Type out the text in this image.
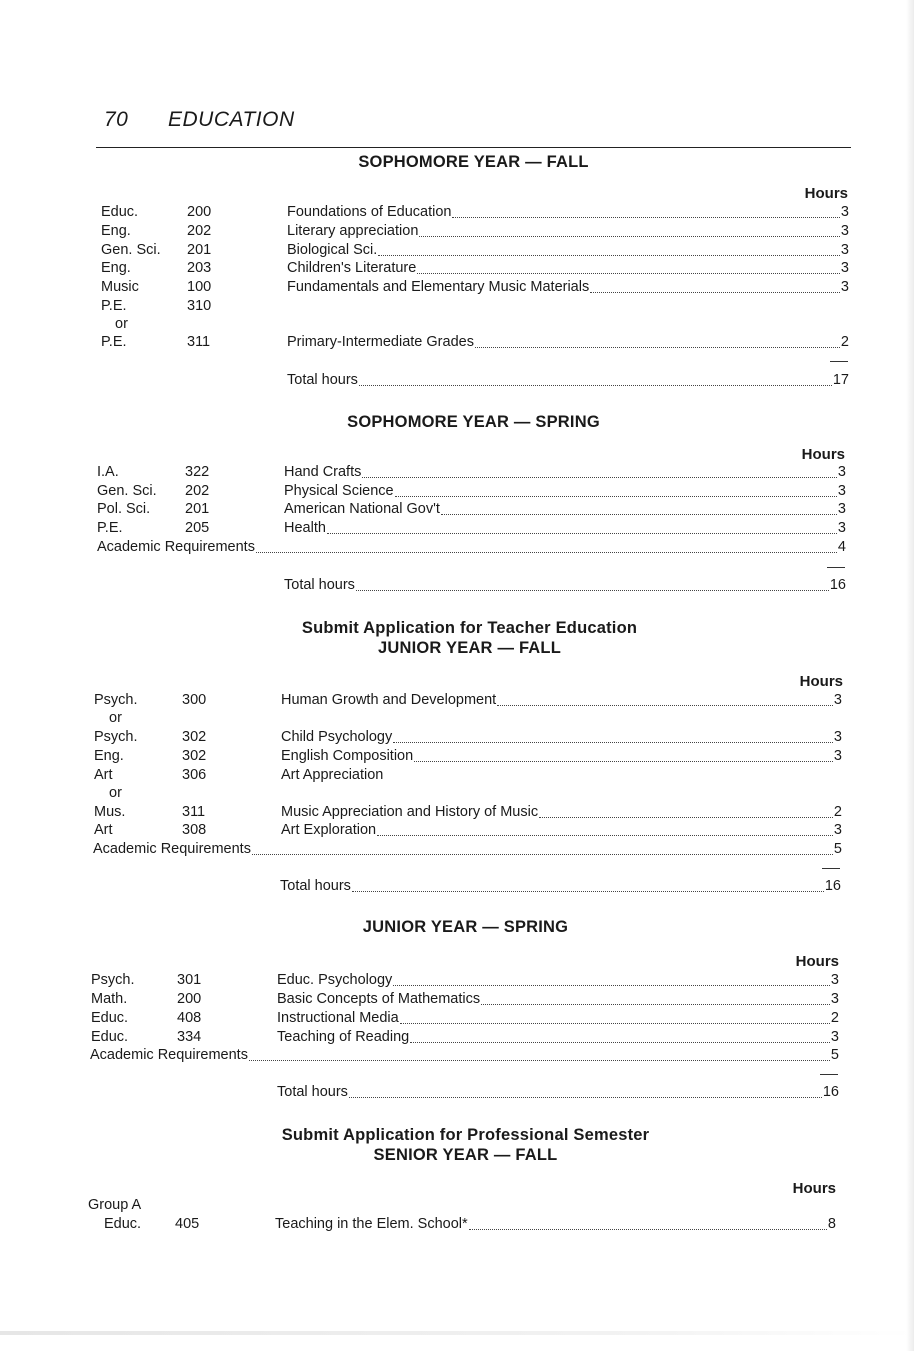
70 EDUCATION
SOPHOMORE YEAR — FALL
Hours
Educ.	200	Foundations of Education	3
Eng.	202	Literary appreciation	3
Gen. Sci.	201	Biological Sci.	3
Eng.	203	Children's Literature	3
Music	100	Fundamentals and Elementary Music Materials	3
P.E.	310
or
P.E.	311	Primary-Intermediate Grades	2
Total hours	17
SOPHOMORE YEAR — SPRING
Hours
I.A.	322	Hand Crafts	3
Gen. Sci.	202	Physical Science	3
Pol. Sci.	201	American National Gov't	3
P.E.	205	Health	3
Academic Requirements	4
Total hours	16
Submit Application for Teacher Education
JUNIOR YEAR — FALL
Hours
Psych.	300	Human Growth and Development	3
or
Psych.	302	Child Psychology	3
Eng.	302	English Composition	3
Art	306	Art Appreciation
or
Mus.	311	Music Appreciation and History of Music	2
Art	308	Art Exploration	3
Academic Requirements	5
Total hours	16
JUNIOR YEAR — SPRING
Hours
Psych.	301	Educ. Psychology	3
Math.	200	Basic Concepts of Mathematics	3
Educ.	408	Instructional Media	2
Educ.	334	Teaching of Reading	3
Academic Requirements	5
Total hours	16
Submit Application for Professional Semester
SENIOR YEAR — FALL
Hours
Group A
Educ.	405	Teaching in the Elem. School*	8
